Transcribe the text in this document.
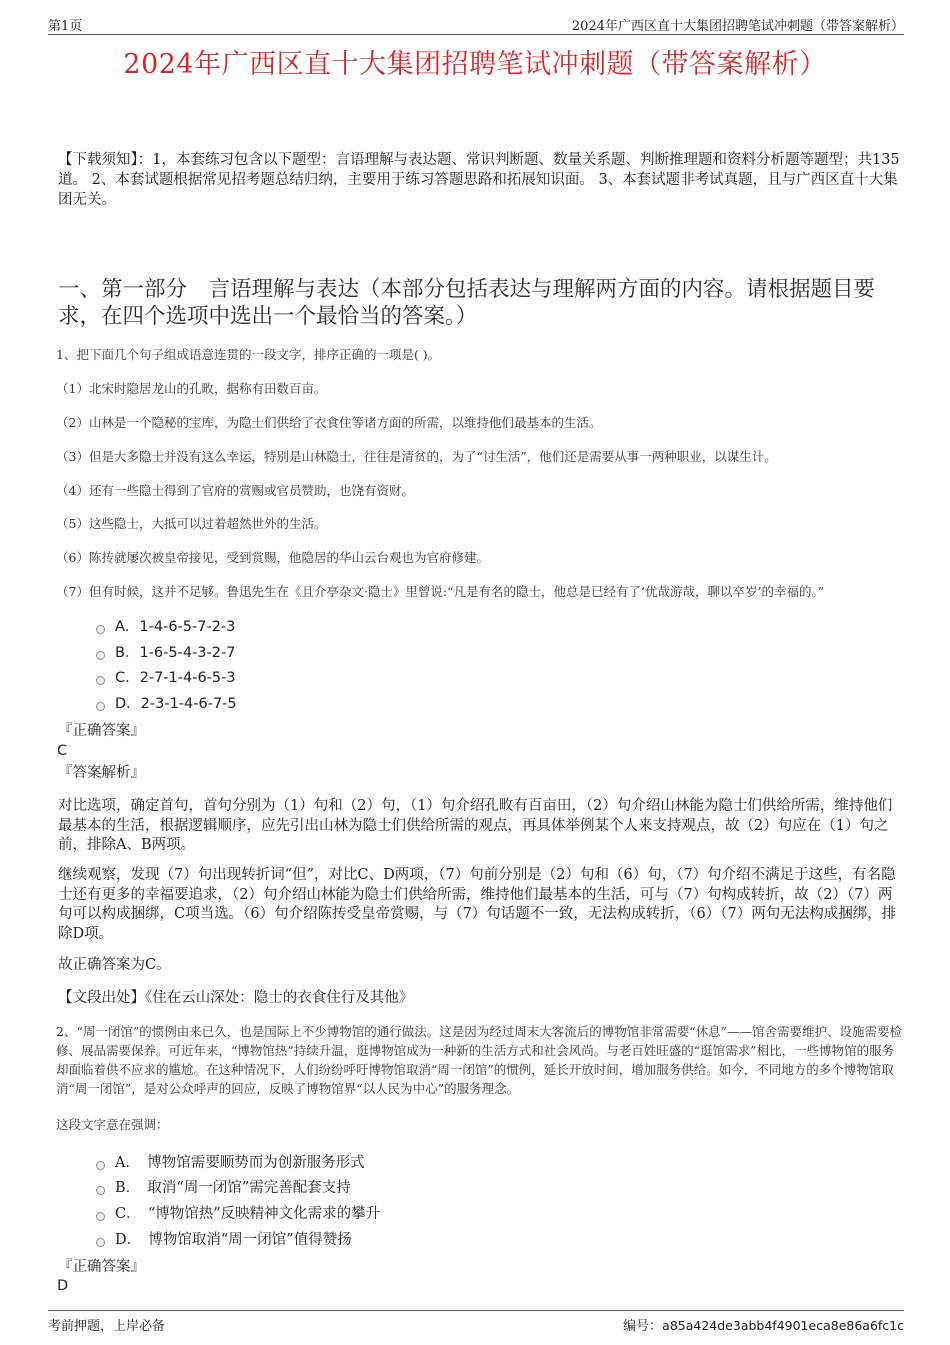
第1页	2024年广西区直十大集团招聘笔试冲刺题（带答案解析）
2024年广西区直十大集团招聘笔试冲刺题（带答案解析）
【下载须知】：1，本套练习包含以下题型：言语理解与表达题、常识判断题、数量关系题、判断推理题和资料分析题等题型；共135道。 2、本套试题根据常见招考题总结归纳，主要用于练习答题思路和拓展知识面。 3、本套试题非考试真题，且与广西区直十大集团无关。
一、第一部分　言语理解与表达（本部分包括表达与理解两方面的内容。请根据题目要求，在四个选项中选出一个最恰当的答案。）
1、把下面几个句子组成语意连贯的一段文字，排序正确的一项是( )。
（1）北宋时隐居龙山的孔畋，据称有田数百亩。
（2）山林是一个隐秘的宝库，为隐士们供给了衣食住等诸方面的所需，以维持他们最基本的生活。
（3）但是大多隐士并没有这么幸运，特别是山林隐士，往往是清贫的，为了“讨生活”，他们还是需要从事一两种职业，以谋生计。
（4）还有一些隐士得到了官府的赏赐或官员赞助，也饶有资财。
（5）这些隐士，大抵可以过着超然世外的生活。
（6）陈抟就屡次被皇帝接见，受到赏赐，他隐居的华山云台观也为官府修建。
（7）但有时候，这并不足够。鲁迅先生在《且介亭杂文·隐士》里曾说:“凡是有名的隐士，他总是已经有了‘优哉游哉，聊以卒岁’的幸福的。”
A．1-4-6-5-7-2-3
B．1-6-5-4-3-2-7
C．2-7-1-4-6-5-3
D．2-3-1-4-6-7-5
『正确答案』
C
『答案解析』
对比选项，确定首句，首句分别为（1）句和（2）句，（1）句介绍孔畋有百亩田，（2）句介绍山林能为隐士们供给所需，维持他们最基本的生活，根据逻辑顺序，应先引出山林为隐士们供给所需的观点，再具体举例某个人来支持观点，故（2）句应在（1）句之前，排除A、B两项。
继续观察，发现（7）句出现转折词“但”，对比C、D两项，（7）句前分别是（2）句和（6）句，（7）句介绍不满足于这些，有名隐士还有更多的幸福要追求，（2）句介绍山林能为隐士们供给所需，维持他们最基本的生活，可与（7）句构成转折，故（2）（7）两句可以构成捆绑，C项当选。（6）句介绍陈抟受皇帝赏赐，与（7）句话题不一致，无法构成转折，（6）（7）两句无法构成捆绑，排除D项。
故正确答案为C。
【文段出处】《住在云山深处：隐士的衣食住行及其他》
2、“周一闭馆”的惯例由来已久，也是国际上不少博物馆的通行做法。这是因为经过周末大客流后的博物馆非常需要“休息”——馆舍需要维护、设施需要检修、展品需要保养。可近年来，“博物馆热”持续升温，逛博物馆成为一种新的生活方式和社会风尚。与老百姓旺盛的“逛馆需求”相比，一些博物馆的服务却面临着供不应求的尴尬。在这种情况下，人们纷纷呼吁博物馆取消“周一闭馆”的惯例，延长开放时间，增加服务供给。如今，不同地方的多个博物馆取消“周一闭馆”，是对公众呼声的回应，反映了博物馆界“以人民为中心”的服务理念。
这段文字意在强调：
A．　博物馆需要顺势而为创新服务形式
B．　取消“周一闭馆”需完善配套支持
C．　“博物馆热”反映精神文化需求的攀升
D．　博物馆取消“周一闭馆”值得赞扬
『正确答案』
D
考前押题，上岸必备	编号：a85a424de3abb4f4901eca8e86a6fc1c
